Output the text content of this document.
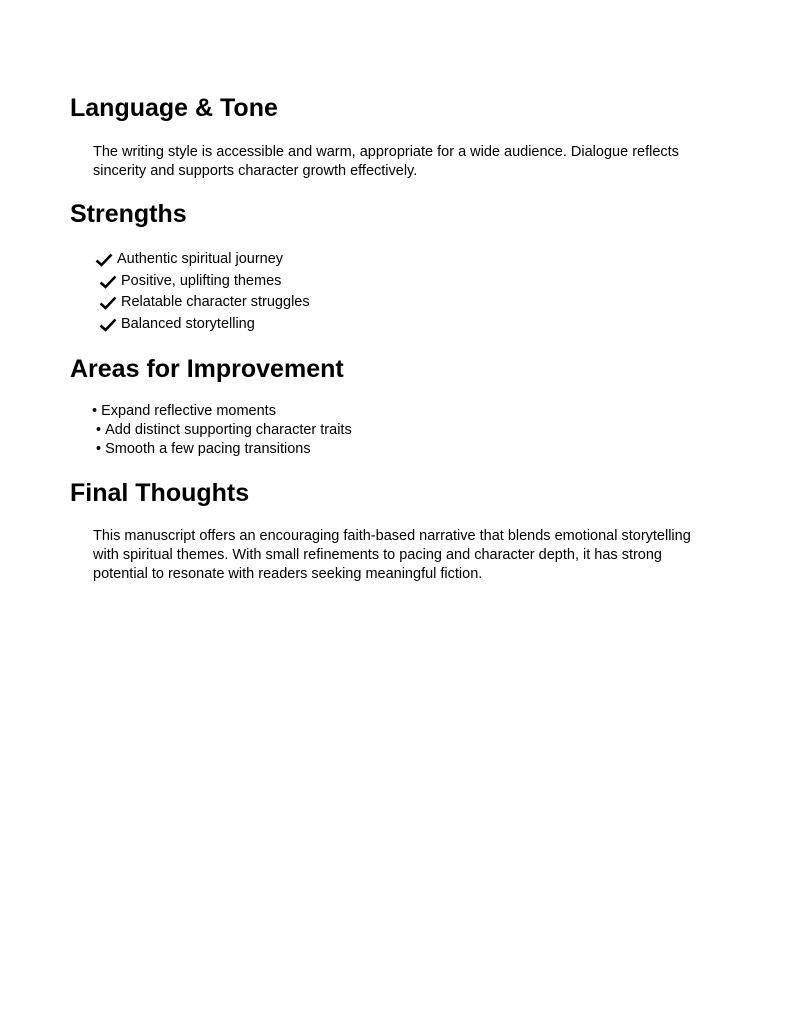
Language & Tone

The writing style is accessible and warm, appropriate for a wide audience. Dialogue reflects sincerity and supports character growth effectively.

Strengths
Authentic spiritual journey
Positive, uplifting themes
Relatable character struggles
Balanced storytelling
Areas for Improvement
• Expand reflective moments
• Add distinct supporting character traits
• Smooth a few pacing transitions
Final Thoughts

This manuscript offers an encouraging faith-based narrative that blends emotional storytelling with spiritual themes. With small refinements to pacing and character depth, it has strong potential to resonate with readers seeking meaningful fiction.
